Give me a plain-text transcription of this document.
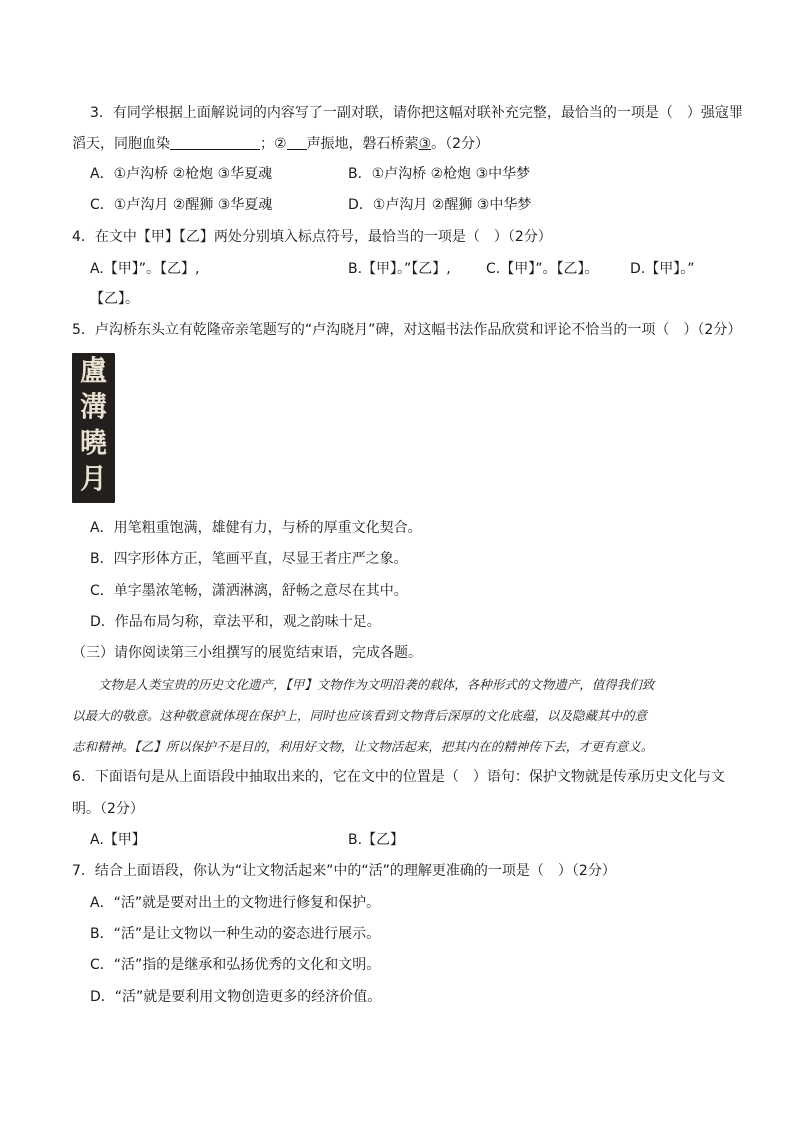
3．有同学根据上面解说词的内容写了一副对联，请你把这幅对联补充完整，最恰当的一项是（　）强寇罪
滔天，同胞血染	；② 声振地，磐石桥萦③。（2分）
A．①卢沟桥 ②枪炮 ③华夏魂	B．①卢沟桥 ②枪炮 ③中华梦
C．①卢沟月 ②醒狮 ③华夏魂	D．①卢沟月 ②醒狮 ③中华梦
4．在文中【甲】【乙】两处分别填入标点符号，最恰当的一项是（　）（2分）
A.【甲】”。【乙】,	B.【甲】。”【乙】,	C.【甲】”。【乙】。 D.【甲】。”
【乙】。
5．卢沟桥东头立有乾隆帝亲笔题写的“卢沟晓月”碑，对这幅书法作品欣赏和评论不恰当的一项（　）（2分）
盧
溝
曉
月
A．用笔粗重饱满，雄健有力，与桥的厚重文化契合。
B．四字形体方正，笔画平直，尽显王者庄严之象。
C．单字墨浓笔畅，潇洒淋漓，舒畅之意尽在其中。
D．作品布局匀称，章法平和，观之韵味十足。
（三）请你阅读第三小组撰写的展览结束语，完成各题。
文物是人类宝贵的历史文化遗产，【甲】文物作为文明沿袭的载体，各种形式的文物遗产，值得我们致
以最大的敬意。这种敬意就体现在保护上，同时也应该看到文物背后深厚的文化底蕴，以及隐藏其中的意
志和精神。【乙】所以保护不是目的，利用好文物，让文物活起来，把其内在的精神传下去，才更有意义。
6．下面语句是从上面语段中抽取出来的，它在文中的位置是（　）语句：保护文物就是传承历史文化与文
明。（2分）
A.【甲】	B.【乙】
7．结合上面语段，你认为“让文物活起来”中的“活”的理解更准确的一项是（　）（2分）
A．“活”就是要对出土的文物进行修复和保护。
B．“活”是让文物以一种生动的姿态进行展示。
C．“活”指的是继承和弘扬优秀的文化和文明。
D．“活”就是要利用文物创造更多的经济价值。
